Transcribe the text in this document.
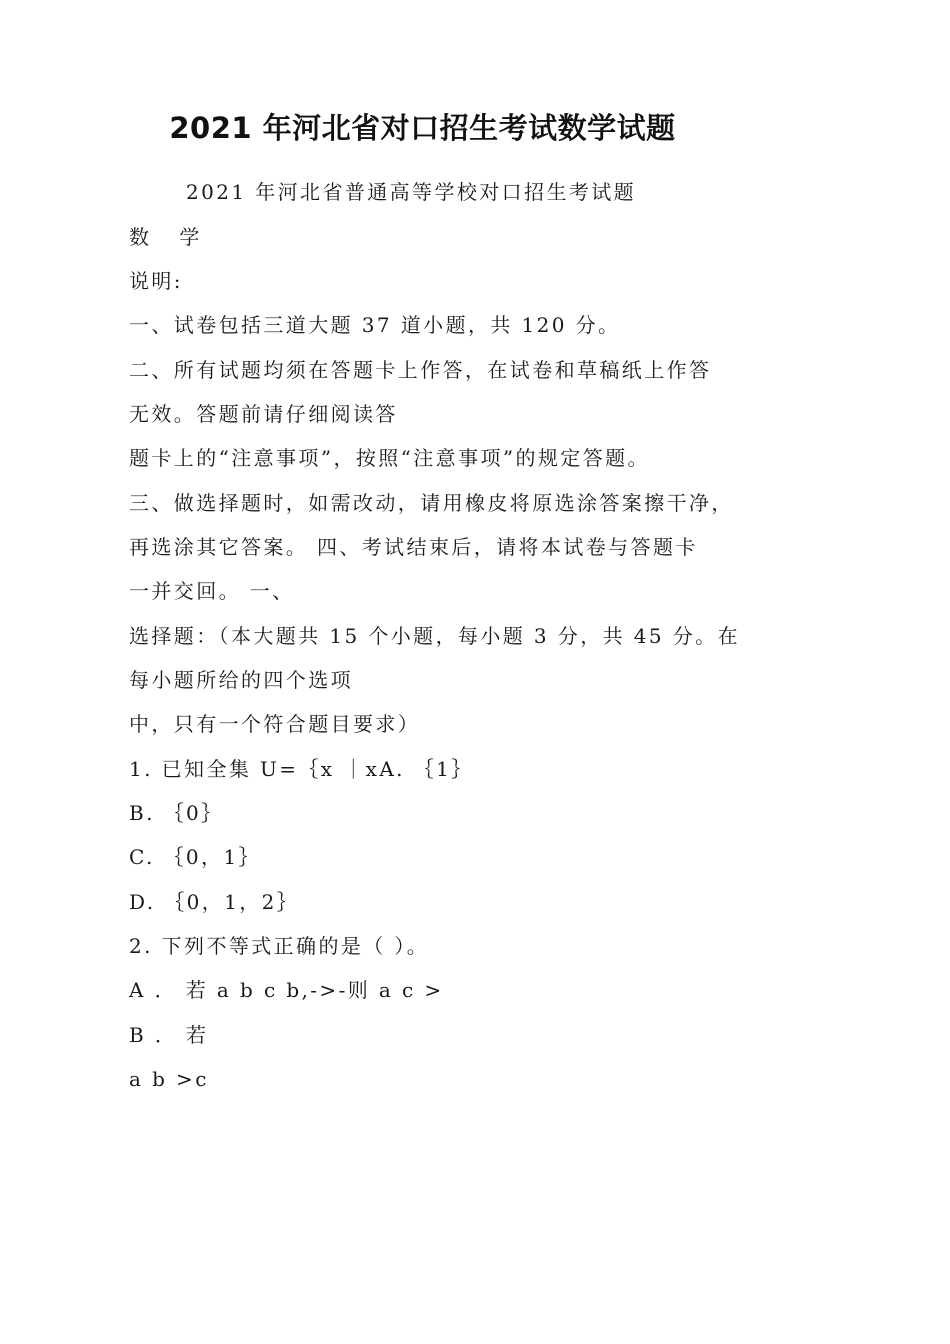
2021 年河北省对口招生考试数学试题
2021 年河北省普通高等学校对口招生考试题
数 学
说明:
一、试卷包括三道大题 37 道小题，共 120 分。
二、所有试题均须在答题卡上作答，在试卷和草稿纸上作答
无效。答题前请仔细阅读答
题卡上的“注意事项”，按照“注意事项”的规定答题。
三、做选择题时，如需改动，请用橡皮将原选涂答案擦干净，
再选涂其它答案。 四、考试结束后，请将本试卷与答题卡
一并交回。 一、
选择题：（本大题共 15 个小题，每小题 3 分，共 45 分。在
每小题所给的四个选项
中，只有一个符合题目要求）
1. 已知全集 U=｛x ｜xA. ｛1｝
B. ｛0｝
C. ｛0，1｝
D. ｛0，1，2｝
2. 下列不等式正确的是（ ）。
A ． 若 a b c b,->-则 a c >
B ． 若
a b >c
